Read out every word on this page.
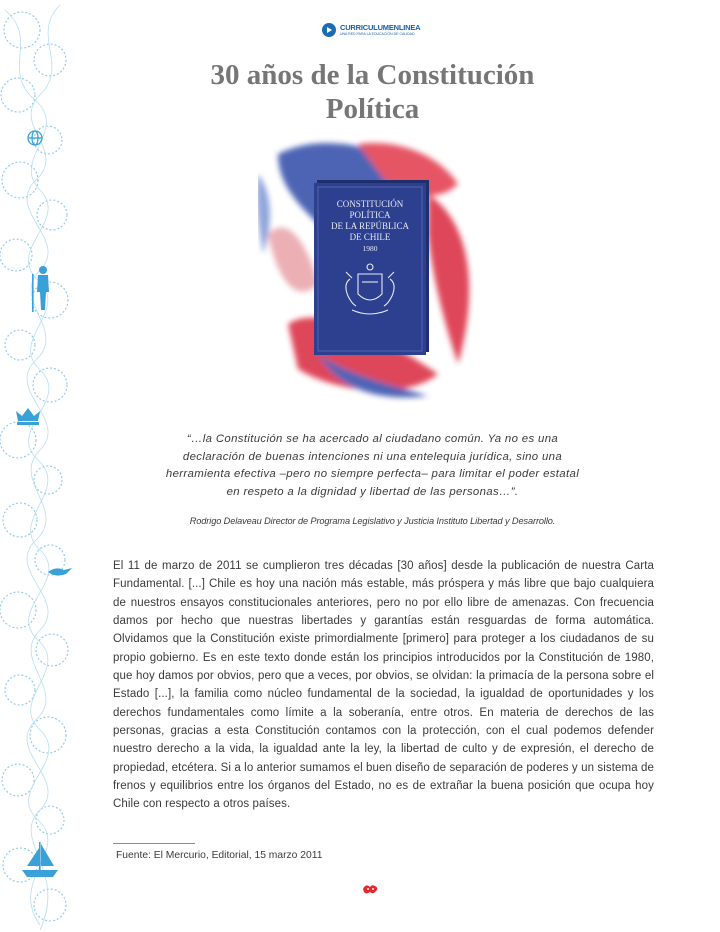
CURRICULUMENLINEA
UNA RED PARA LA EDUCACIÓN DE CALIDAD
30 años de la Constitución
Política
CONSTITUCIÓN
POLÍTICA
DE LA REPÚBLICA
DE CHILE
1980
“…la Constitución se ha acercado al ciudadano común. Ya no es una
declaración de buenas intenciones ni una entelequia jurídica, sino una
herramienta efectiva –pero no siempre perfecta– para limitar el poder estatal
en respeto a la dignidad y libertad de las personas…”.
Rodrigo Delaveau Director de Programa Legislativo y Justicia Instituto Libertad y Desarrollo.
El 11 de marzo de 2011 se cumplieron tres décadas [30 años] desde la publicación de nuestra Carta Fundamental. [...] Chile es hoy una nación más estable, más próspera y más libre que bajo cualquiera de nuestros ensayos constitucionales anteriores, pero no por ello libre de amenazas. Con frecuencia damos por hecho que nuestras libertades y garantías están resguardas de forma automática. Olvidamos que la Constitución existe primordialmente [primero] para proteger a los ciudadanos de su propio gobierno. Es en este texto donde están los principios introducidos por la Constitución de 1980, que hoy damos por obvios, pero que a veces, por obvios, se olvidan: la primacía de la persona sobre el Estado [...], la familia como núcleo fundamental de la sociedad, la igualdad de oportunidades y los derechos fundamentales como límite a la soberanía, entre otros. En materia de derechos de las personas, gracias a esta Constitución contamos con la protección, con el cual podemos defender nuestro derecho a la vida, la igualdad ante la ley, la libertad de culto y de expresión, el derecho de propiedad, etcétera. Si a lo anterior sumamos el buen diseño de separación de poderes y un sistema de frenos y equilibrios entre los órganos del Estado, no es de extrañar la buena posición que ocupa hoy Chile con respecto a otros países.
Fuente: El Mercurio, Editorial, 15 marzo 2011
